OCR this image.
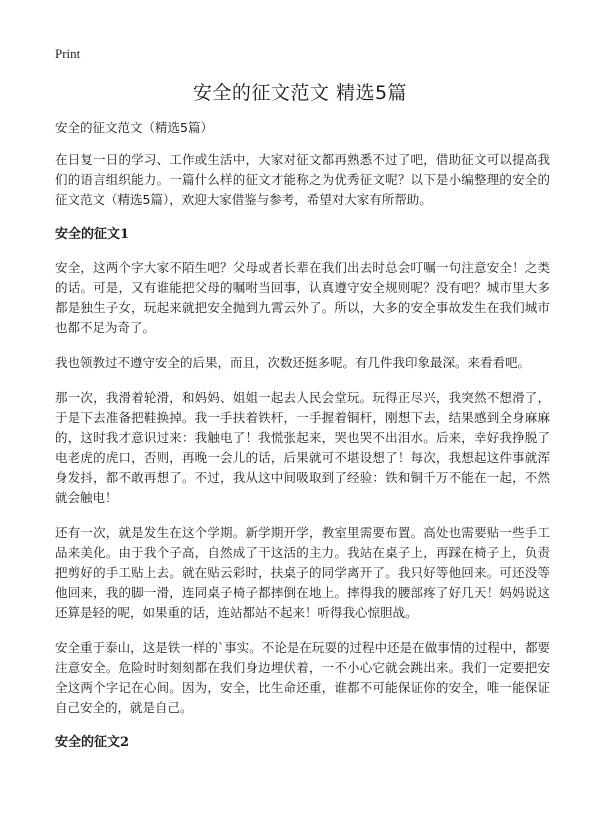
Print
安全的征文范文 精选5篇

安全的征文范文（精选5篇）

在日复一日的学习、工作或生活中，大家对征文都再熟悉不过了吧，借助征文可以提高我们的语言组织能力。一篇什么样的征文才能称之为优秀征文呢？以下是小编整理的安全的征文范文（精选5篇），欢迎大家借鉴与参考，希望对大家有所帮助。

安全的征文1

安全，这两个字大家不陌生吧？父母或者长辈在我们出去时总会叮嘱一句注意安全！之类的话。可是，又有谁能把父母的嘱咐当回事，认真遵守安全规则呢？没有吧？城市里大多都是独生子女，玩起来就把安全抛到九霄云外了。所以，大多的安全事故发生在我们城市也都不足为奇了。

我也领教过不遵守安全的后果，而且，次数还挺多呢。有几件我印象最深。来看看吧。

那一次，我滑着轮滑，和妈妈、姐姐一起去人民会堂玩。玩得正尽兴，我突然不想滑了，于是下去准备把鞋换掉。我一手扶着铁杆，一手握着铜杆，刚想下去，结果感到全身麻麻的，这时我才意识过来：我触电了！我慌张起来，哭也哭不出泪水。后来，幸好我挣脱了电老虎的虎口，否则，再晚一会儿的话，后果就可不堪设想了！每次，我想起这件事就浑身发抖，都不敢再想了。不过，我从这中间吸取到了经验：铁和铜千万不能在一起，不然就会触电！

还有一次，就是发生在这个学期。新学期开学，教室里需要布置。高处也需要贴一些手工品来美化。由于我个子高，自然成了干这活的主力。我站在桌子上，再踩在椅子上，负责把剪好的手工贴上去。就在贴云彩时，扶桌子的同学离开了。我只好等他回来。可还没等他回来，我的脚一滑，连同桌子椅子都摔倒在地上。摔得我的腰部疼了好几天！妈妈说这还算是轻的呢，如果重的话，连站都站不起来！听得我心惊胆战。

安全重于泰山，这是铁一样的`事实。不论是在玩耍的过程中还是在做事情的过程中，都要注意安全。危险时时刻刻都在我们身边埋伏着，一不小心它就会跳出来。我们一定要把安全这两个字记在心间。因为，安全，比生命还重，谁都不可能保证你的安全，唯一能保证自己安全的，就是自己。

安全的征文2
